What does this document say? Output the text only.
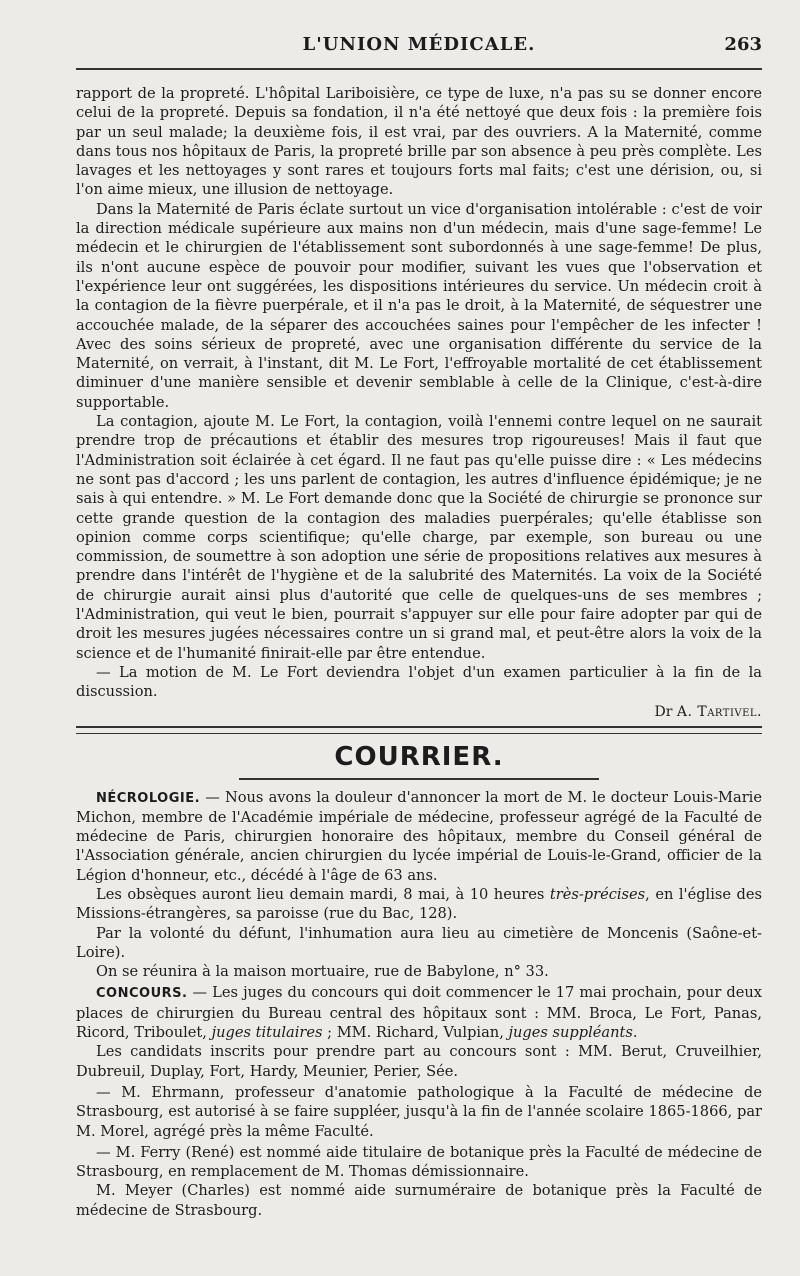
L'UNION MÉDICALE.	263

rapport de la propreté. L'hôpital Lariboisière, ce type de luxe, n'a pas su se donner encore celui de la propreté. Depuis sa fondation, il n'a été nettoyé que deux fois : la première fois par un seul malade; la deuxième fois, il est vrai, par des ouvriers. A la Maternité, comme dans tous nos hôpitaux de Paris, la propreté brille par son absence à peu près complète. Les lavages et les nettoyages y sont rares et toujours forts mal faits; c'est une dérision, ou, si l'on aime mieux, une illusion de nettoyage.

Dans la Maternité de Paris éclate surtout un vice d'organisation intolérable : c'est de voir la direction médicale supérieure aux mains non d'un médecin, mais d'une sage-femme! Le médecin et le chirurgien de l'établissement sont subordonnés à une sage-femme! De plus, ils n'ont aucune espèce de pouvoir pour modifier, suivant les vues que l'observation et l'expérience leur ont suggérées, les dispositions intérieures du service. Un médecin croit à la contagion de la fièvre puerpérale, et il n'a pas le droit, à la Maternité, de séquestrer une accouchée malade, de la séparer des accouchées saines pour l'empêcher de les infecter ! Avec des soins sérieux de propreté, avec une organisation différente du service de la Maternité, on verrait, à l'instant, dit M. Le Fort, l'effroyable mortalité de cet établissement diminuer d'une manière sensible et devenir semblable à celle de la Clinique, c'est-à-dire supportable.

La contagion, ajoute M. Le Fort, la contagion, voilà l'ennemi contre lequel on ne saurait prendre trop de précautions et établir des mesures trop rigoureuses! Mais il faut que l'Administration soit éclairée à cet égard. Il ne faut pas qu'elle puisse dire : « Les médecins ne sont pas d'accord ; les uns parlent de contagion, les autres d'influence épidémique; je ne sais à qui entendre. » M. Le Fort demande donc que la Société de chirurgie se prononce sur cette grande question de la contagion des maladies puerpérales; qu'elle établisse son opinion comme corps scientifique; qu'elle charge, par exemple, son bureau ou une commission, de soumettre à son adoption une série de propositions relatives aux mesures à prendre dans l'intérêt de l'hygiène et de la salubrité des Maternités. La voix de la Société de chirurgie aurait ainsi plus d'autorité que celle de quelques-uns de ses membres ; l'Administration, qui veut le bien, pourrait s'appuyer sur elle pour faire adopter par qui de droit les mesures jugées nécessaires contre un si grand mal, et peut-être alors la voix de la science et de l'humanité finirait-elle par être entendue.

— La motion de M. Le Fort deviendra l'objet d'un examen particulier à la fin de la discussion.

Dr A. Tartivel.
COURRIER.

NÉCROLOGIE. — Nous avons la douleur d'annoncer la mort de M. le docteur Louis-Marie Michon, membre de l'Académie impériale de médecine, professeur agrégé de la Faculté de médecine de Paris, chirurgien honoraire des hôpitaux, membre du Conseil général de l'Association générale, ancien chirurgien du lycée impérial de Louis-le-Grand, officier de la Légion d'honneur, etc., décédé à l'âge de 63 ans.

Les obsèques auront lieu demain mardi, 8 mai, à 10 heures très-précises, en l'église des Missions-étrangères, sa paroisse (rue du Bac, 128).

Par la volonté du défunt, l'inhumation aura lieu au cimetière de Moncenis (Saône-et-Loire).

On se réunira à la maison mortuaire, rue de Babylone, n° 33.

CONCOURS. — Les juges du concours qui doit commencer le 17 mai prochain, pour deux places de chirurgien du Bureau central des hôpitaux sont : MM. Broca, Le Fort, Panas, Ricord, Triboulet, juges titulaires ; MM. Richard, Vulpian, juges suppléants.

Les candidats inscrits pour prendre part au concours sont : MM. Berut, Cruveilhier, Dubreuil, Duplay, Fort, Hardy, Meunier, Perier, Sée.

— M. Ehrmann, professeur d'anatomie pathologique à la Faculté de médecine de Strasbourg, est autorisé à se faire suppléer, jusqu'à la fin de l'année scolaire 1865-1866, par M. Morel, agrégé près la même Faculté.

— M. Ferry (René) est nommé aide titulaire de botanique près la Faculté de médecine de Strasbourg, en remplacement de M. Thomas démissionnaire.

M. Meyer (Charles) est nommé aide surnuméraire de botanique près la Faculté de médecine de Strasbourg.
